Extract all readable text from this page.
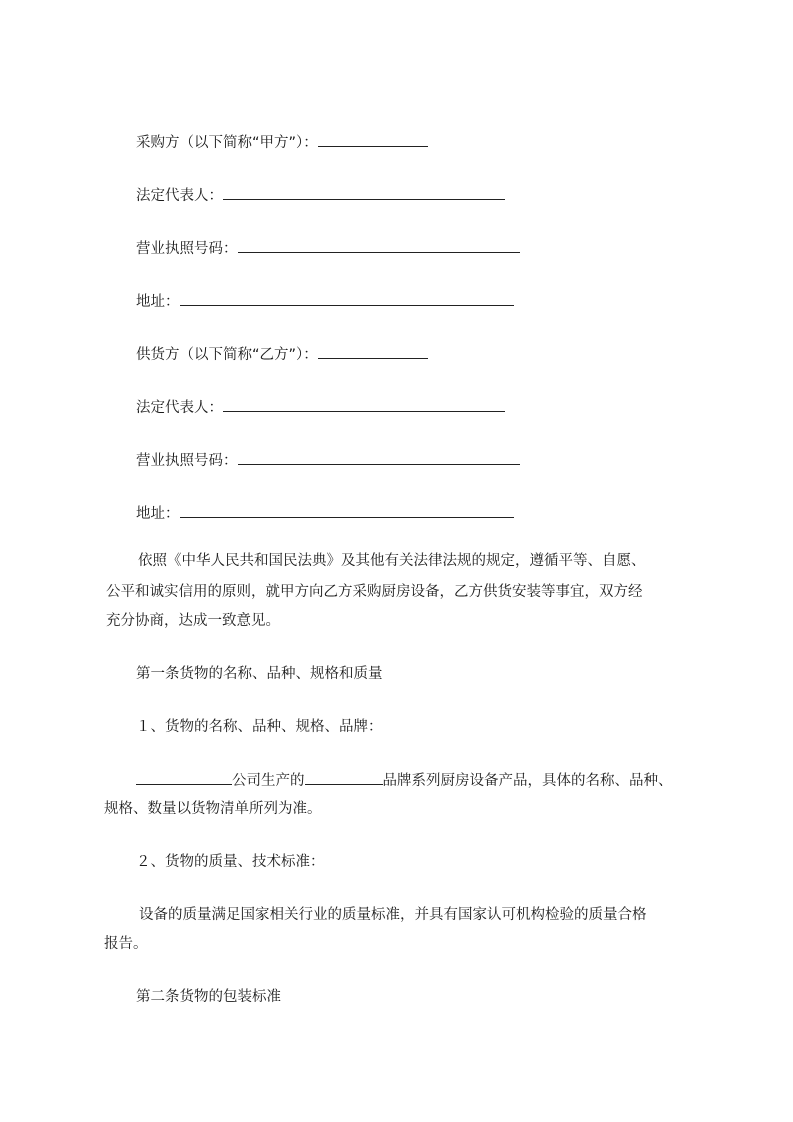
采购方（以下简称“甲方”）：
法定代表人：
营业执照号码：
地址：
供货方（以下简称“乙方”）：
法定代表人：
营业执照号码：
地址：
依照《中华人民共和国民法典》及其他有关法律法规的规定，遵循平等、自愿、
公平和诚实信用的原则，就甲方向乙方采购厨房设备，乙方供货安装等事宜，双方经
充分协商，达成一致意见。
第一条货物的名称、品种、规格和质量
１、货物的名称、品种、规格、品牌：
公司生产的	品牌系列厨房设备产品，具体的名称、品种、
规格、数量以货物清单所列为准。
２、货物的质量、技术标准：
设备的质量满足国家相关行业的质量标准，并具有国家认可机构检验的质量合格
报告。
第二条货物的包装标准
